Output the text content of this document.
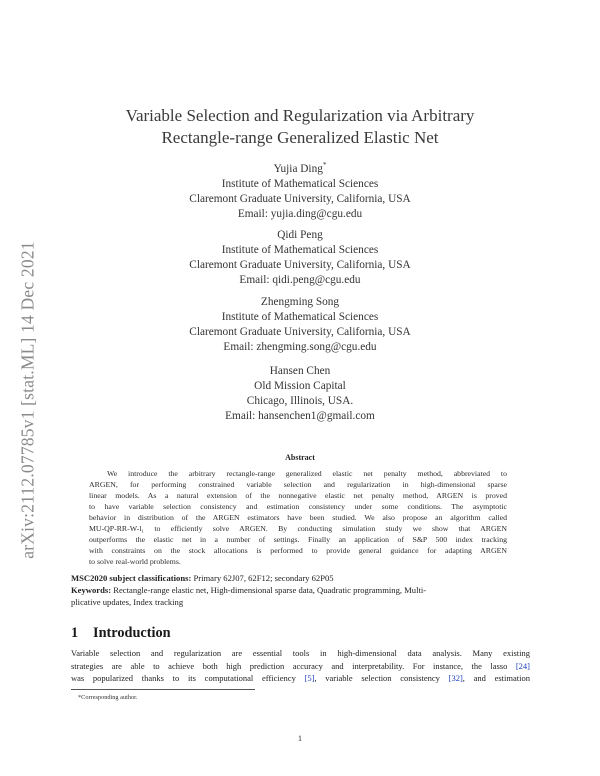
arXiv:2112.07785v1 [stat.ML] 14 Dec 2021
Variable Selection and Regularization via Arbitrary
Rectangle-range Generalized Elastic Net
Yujia Ding*
Institute of Mathematical Sciences
Claremont Graduate University, California, USA
Email: yujia.ding@cgu.edu
Qidi Peng
Institute of Mathematical Sciences
Claremont Graduate University, California, USA
Email: qidi.peng@cgu.edu
Zhengming Song
Institute of Mathematical Sciences
Claremont Graduate University, California, USA
Email: zhengming.song@cgu.edu
Hansen Chen
Old Mission Capital
Chicago, Illinois, USA.
Email: hansenchen1@gmail.com
Abstract
We introduce the arbitrary rectangle-range generalized elastic net penalty method, abbreviated to
ARGEN, for performing constrained variable selection and regularization in high-dimensional sparse
linear models. As a natural extension of the nonnegative elastic net penalty method, ARGEN is proved
to have variable selection consistency and estimation consistency under some conditions. The asymptotic
behavior in distribution of the ARGEN estimators have been studied. We also propose an algorithm called
MU-QP-RR-W-l₁ to efficiently solve ARGEN. By conducting simulation study we show that ARGEN
outperforms the elastic net in a number of settings. Finally an application of S&P 500 index tracking
with constraints on the stock allocations is performed to provide general guidance for adapting ARGEN
to solve real-world problems.
MSC2020 subject classifications: Primary 62J07, 62F12; secondary 62P05
Keywords: Rectangle-range elastic net, High-dimensional sparse data, Quadratic programming, Multi-
plicative updates, Index tracking
1 Introduction
Variable selection and regularization are essential tools in high-dimensional data analysis. Many existing
strategies are able to achieve both high prediction accuracy and interpretability. For instance, the lasso [24]
was popularized thanks to its computational efficiency [5], variable selection consistency [32], and estimation
*Corresponding author.
1
